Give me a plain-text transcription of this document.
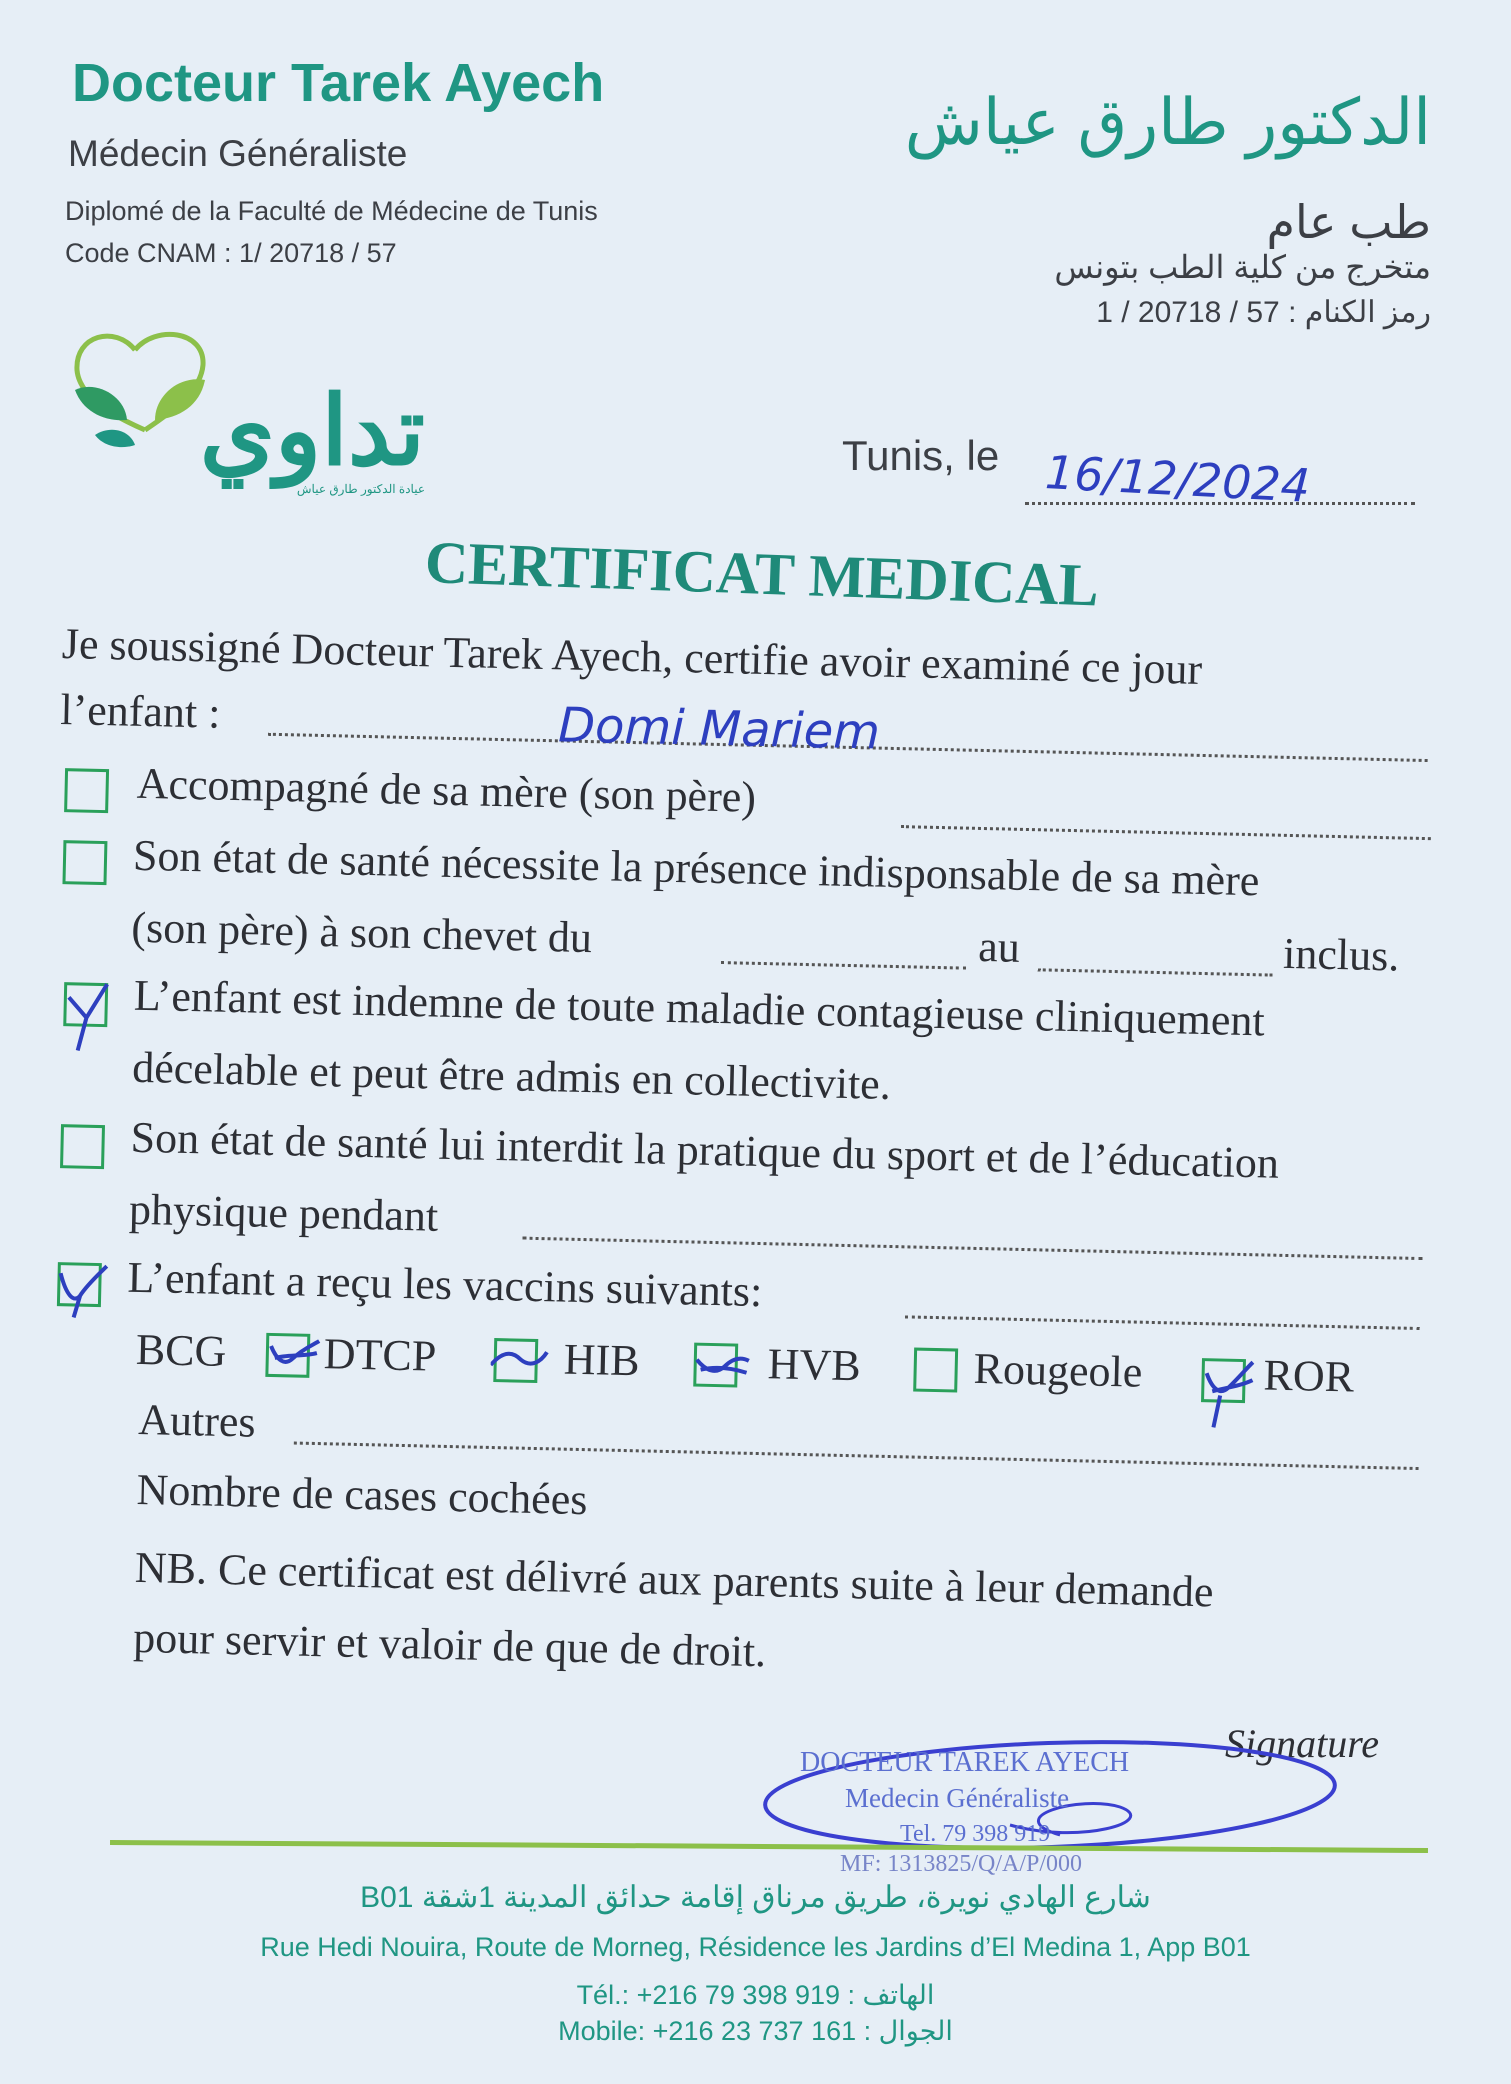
Docteur Tarek Ayech
Médecin Généraliste
Diplomé de la Faculté de Médecine de Tunis
Code CNAM : 1/ 20718 / 57
الدكتور طارق عياش
طب عام
متخرج من كلية الطب بتونس
رمز الكنام : 57 / 20718 / 1
تداوي
عيادة الدكتور طارق عياش
Tunis, le 16/12/2024
CERTIFICAT MEDICAL
Je soussigné Docteur Tarek Ayech, certifie avoir examiné ce jour
l’enfant :	Domi Mariem
Accompagné de sa mère (son père)
Son état de santé nécessite la présence indisponsable de sa mère
(son père) à son chevet du	au	inclus.
L’enfant est indemne de toute maladie contagieuse cliniquement
décelable et peut être admis en collectivite.
Son état de santé lui interdit la pratique du sport et de l’éducation
physique pendant
L’enfant a reçu les vaccins suivants:
BCG DTCP	HIB	HVB	Rougeole	ROR
Autres
Nombre de cases cochées
NB. Ce certificat est délivré aux parents suite à leur demande
pour servir et valoir de que de droit.
Signature
DOCTEUR TAREK AYECH
Medecin Généraliste
Tel. 79 398 919
MF: 1313825/Q/A/P/000
شارع الهادي نويرة، طريق مرناق إقامة حدائق المدينة 1شقة B01
Rue Hedi Nouira, Route de Morneg, Résidence les Jardins d’El Medina 1, App B01
Tél.: +216 79 398 919 : الهاتف
Mobile: +216 23 737 161 : الجوال
